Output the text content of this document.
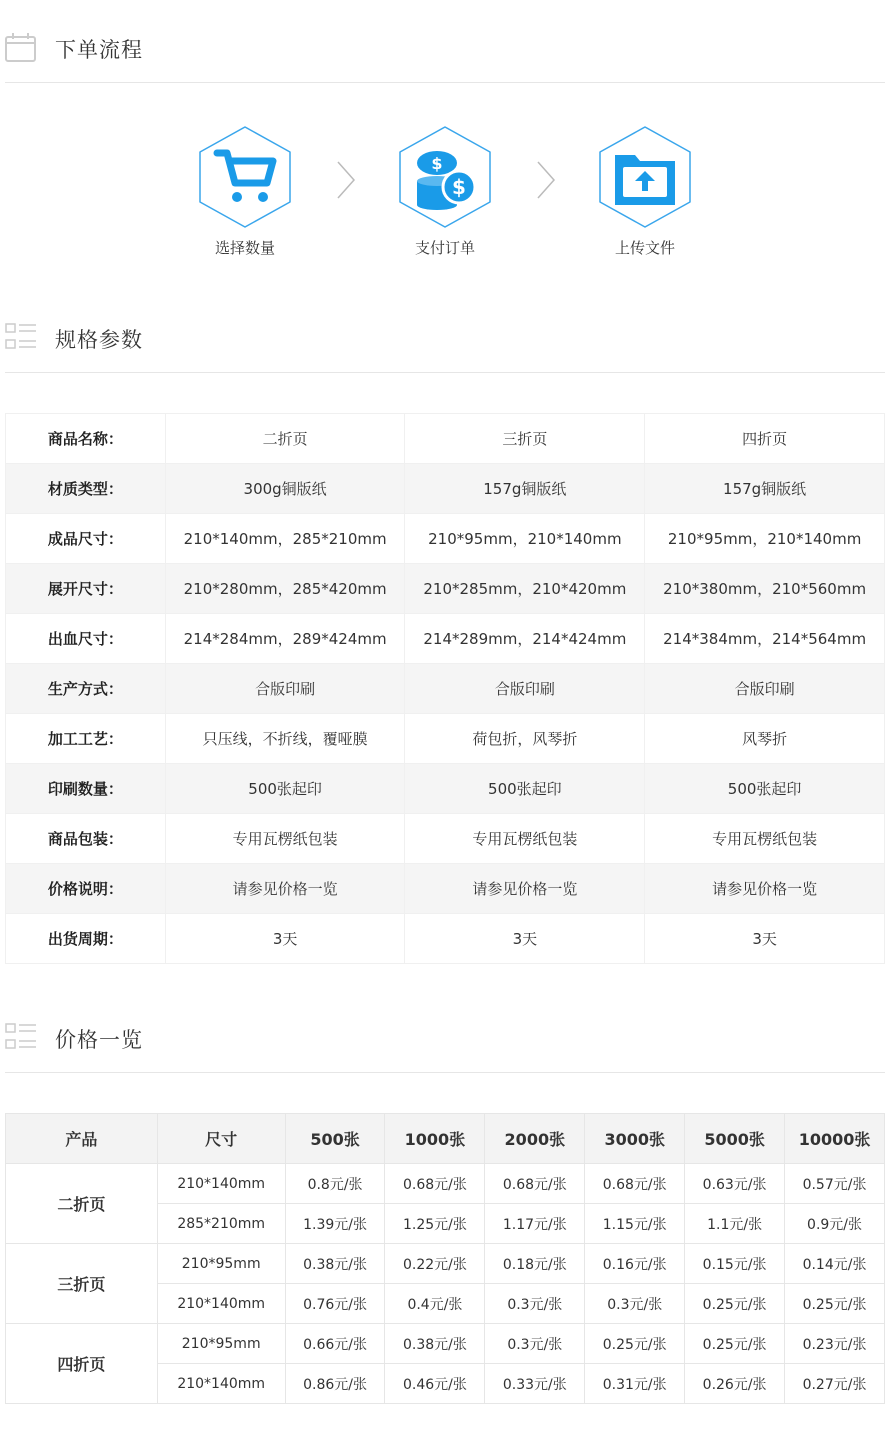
下单流程
选择数量
$
$
支付订单	上传文件
规格参数
商品名称：	二折页	三折页	四折页
材质类型：	300g铜版纸	157g铜版纸	157g铜版纸
成品尺寸：	210*140mm，285*210mm	210*95mm，210*140mm	210*95mm，210*140mm
展开尺寸：	210*280mm，285*420mm	210*285mm，210*420mm	210*380mm，210*560mm
出血尺寸：	214*284mm，289*424mm	214*289mm，214*424mm	214*384mm，214*564mm
生产方式：	合版印刷	合版印刷	合版印刷
加工工艺：	只压线，不折线，覆哑膜	荷包折，风琴折	风琴折
印刷数量：	500张起印	500张起印	500张起印
商品包装：	专用瓦楞纸包装	专用瓦楞纸包装	专用瓦楞纸包装
价格说明：	请参见价格一览	请参见价格一览	请参见价格一览
出货周期：	3天	3天	3天
价格一览
产品	尺寸	500张	1000张	2000张	3000张	5000张	10000张
二折页	210*140mm	0.8元/张	0.68元/张	0.68元/张	0.68元/张	0.63元/张	0.57元/张
	285*210mm	1.39元/张	1.25元/张	1.17元/张	1.15元/张	1.1元/张	0.9元/张
三折页	210*95mm	0.38元/张	0.22元/张	0.18元/张	0.16元/张	0.15元/张	0.14元/张
	210*140mm	0.76元/张	0.4元/张	0.3元/张	0.3元/张	0.25元/张	0.25元/张
四折页	210*95mm	0.66元/张	0.38元/张	0.3元/张	0.25元/张	0.25元/张	0.23元/张
	210*140mm	0.86元/张	0.46元/张	0.33元/张	0.31元/张	0.26元/张	0.27元/张
